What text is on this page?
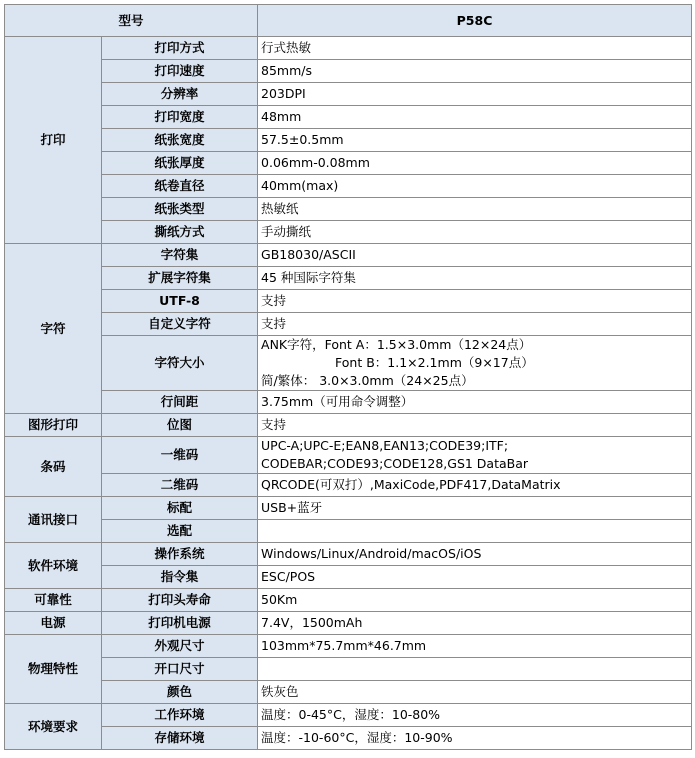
型号		P58C
打印	打印方式	行式热敏
	打印速度	85mm/s
	分辨率	203DPI
	打印宽度	48mm
	纸张宽度	57.5±0.5mm
	纸张厚度	0.06mm-0.08mm
	纸卷直径	40mm(max)
	纸张类型	热敏纸
	撕纸方式	手动撕纸
字符	字符集	GB18030/ASCII
	扩展字符集	45 种国际字符集
	UTF-8	支持
	自定义字符	支持
	字符大小	ANK字符，Font A：1.5×3.0mm（12×24点）
Font B：1.1×2.1mm（9×17点）
简/繁体： 3.0×3.0mm（24×25点）

	行间距	3.75mm（可用命令调整）
图形打印	位图	支持
条码	一维码	UPC-A;UPC-E;EAN8,EAN13;CODE39;ITF;
CODEBAR;CODE93;CODE128,GS1 DataBar

	二维码	QRCODE(可双打）,MaxiCode,PDF417,DataMatrix
通讯接口	标配	USB+蓝牙
	选配	
软件环境	操作系统	Windows/Linux/Android/macOS/iOS
	指令集	ESC/POS
可靠性	打印头寿命	50Km
电源	打印机电源	7.4V，1500mAh
物理特性	外观尺寸	103mm*75.7mm*46.7mm
	开口尺寸	
	颜色	铁灰色
环境要求	工作环境	温度：0-45°C，湿度：10-80%
	存储环境	温度：-10-60°C，湿度：10-90%
